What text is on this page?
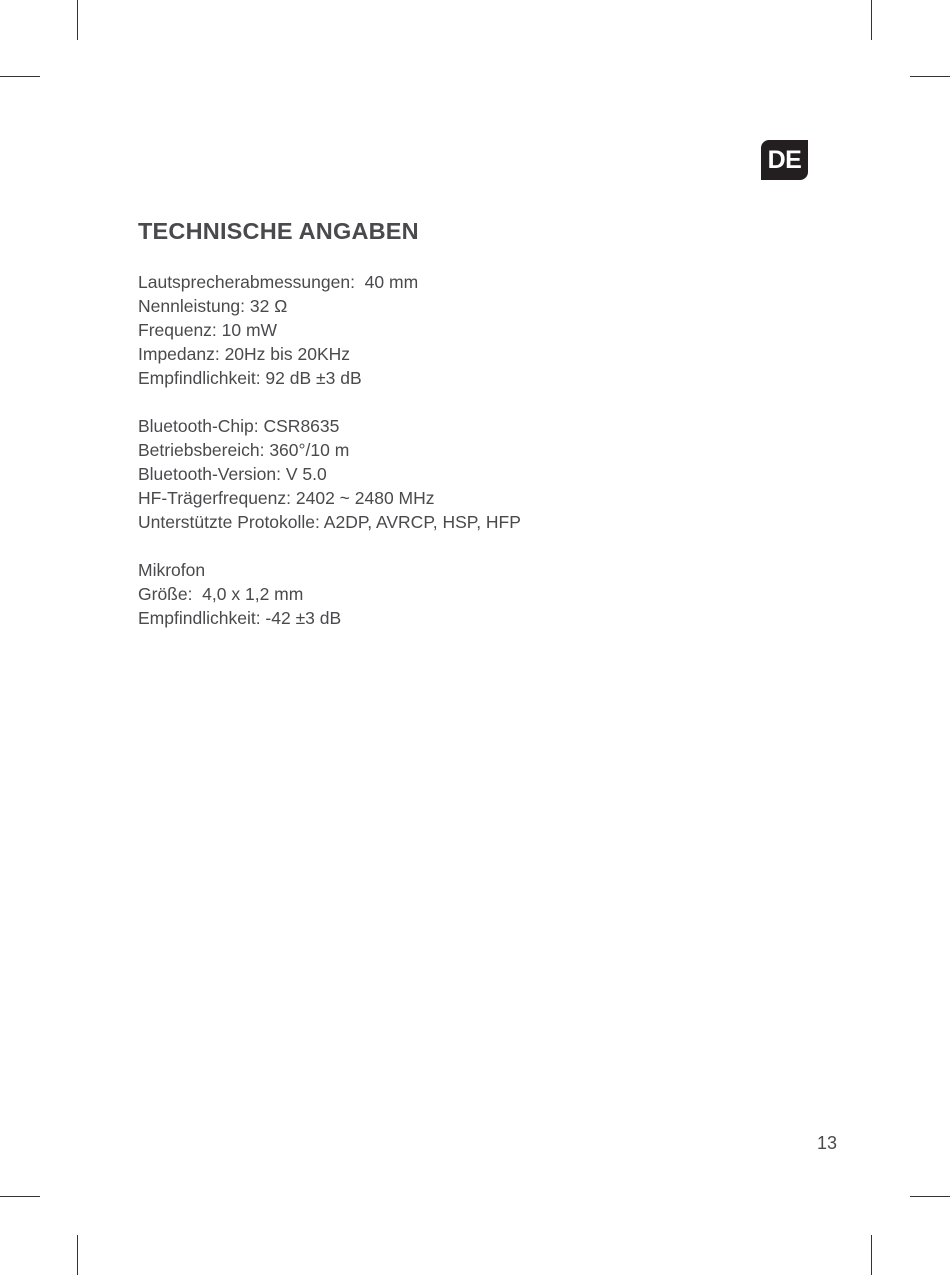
DE
TECHNISCHE ANGABEN
Lautsprecherabmessungen:  40 mm
Nennleistung: 32 Ω
Frequenz: 10 mW
Impedanz: 20Hz bis 20KHz
Empfindlichkeit: 92 dB ±3 dB
Bluetooth-Chip: CSR8635
Betriebsbereich: 360°/10 m
Bluetooth-Version: V 5.0
HF-Trägerfrequenz: 2402 ~ 2480 MHz
Unterstützte Protokolle: A2DP, AVRCP, HSP, HFP
Mikrofon
Größe:  4,0 x 1,2 mm
Empfindlichkeit: -42 ±3 dB
13
